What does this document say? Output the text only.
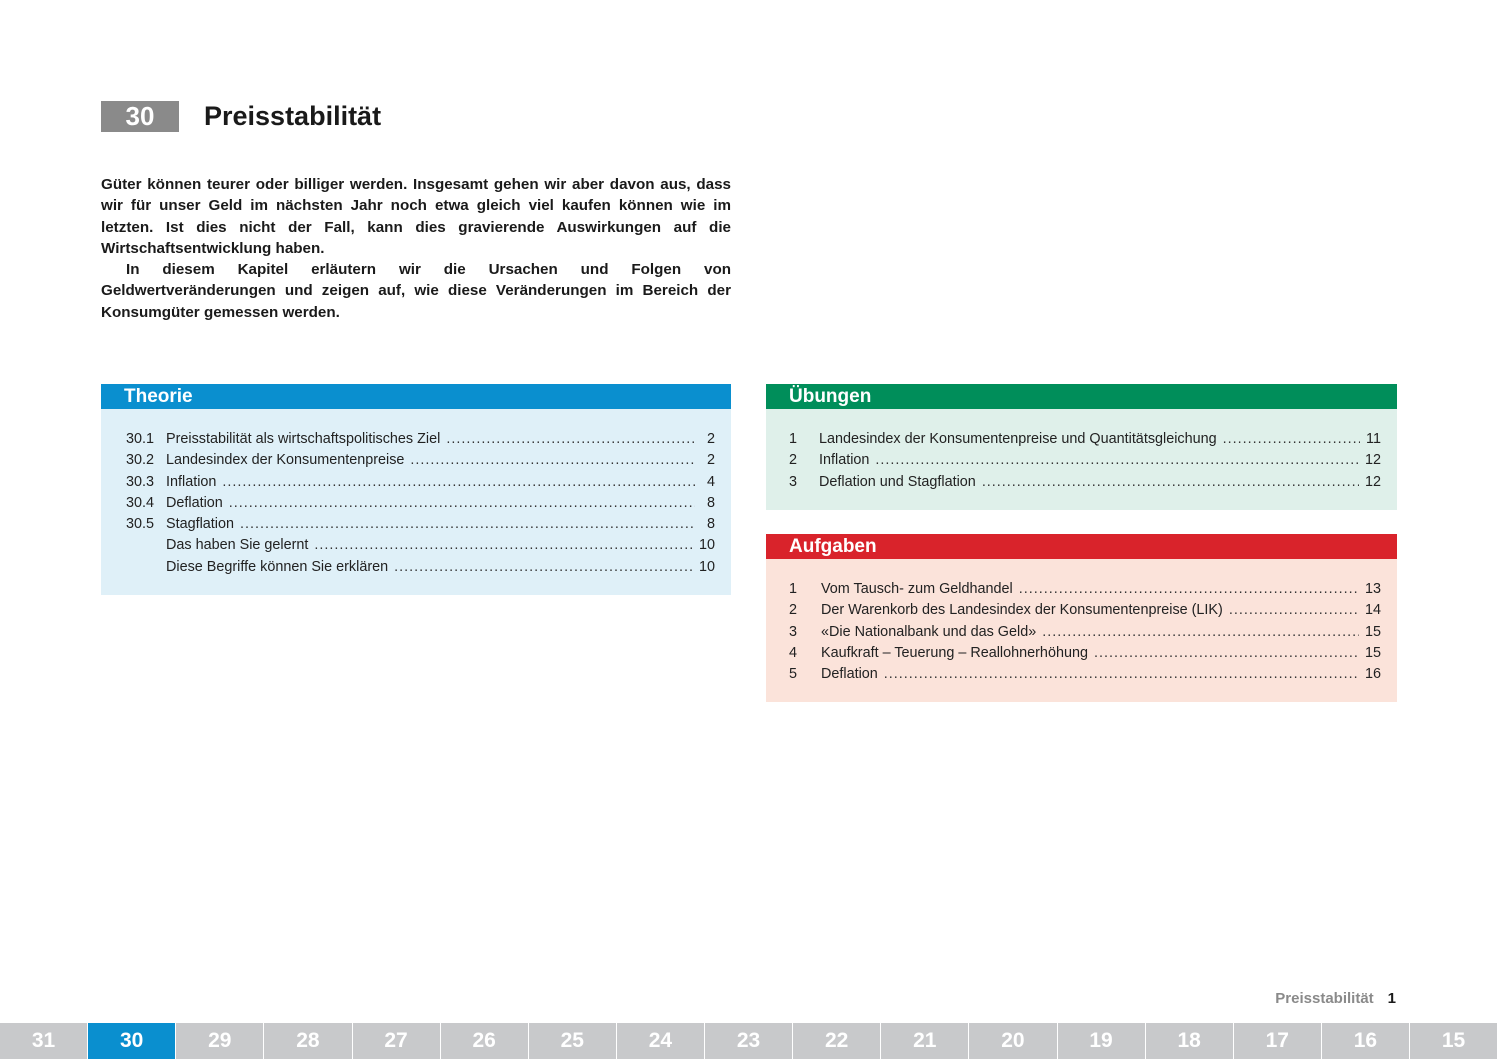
30	Preisstabilität

Güter können teurer oder billiger werden. Insgesamt gehen wir aber davon aus, dass wir für unser Geld im nächsten Jahr noch etwa gleich viel kaufen können wie im letzten. Ist dies nicht der Fall, kann dies gravierende Auswirkungen auf die Wirtschaftsentwicklung haben.

In diesem Kapitel erläutern wir die Ursachen und Folgen von Geldwertveränderungen und zeigen auf, wie diese Veränderungen im Bereich der Konsumgüter gemessen werden.

Theorie
30.1 Preisstabilität als wirtschaftspolitisches Ziel .....	2
30.2 Landesindex der Konsumentenpreise .....	2
30.3 Inflation .....	4
30.4 Deflation .....	8
30.5 Stagflation .....	8
Das haben Sie gelernt .....	10
Diese Begriffe können Sie erklären .....	10
Übungen
1	Landesindex der Konsumentenpreise und Quantitätsgleichung .....	11
2	Inflation .....	12
3	Deflation und Stagflation .....	12
Aufgaben
1	Vom Tausch- zum Geldhandel .....	13
2	Der Warenkorb des Landesindex der Konsumentenpreise (LIK) .....	14
3	«Die Nationalbank und das Geld» .....	15
4	Kaufkraft – Teuerung – Reallohnerhöhung .....	15
5	Deflation .....	16
Preisstabilität 1
31	30	29	28	27	26	25	24	23	22	21	20	19	18	17	16	15
